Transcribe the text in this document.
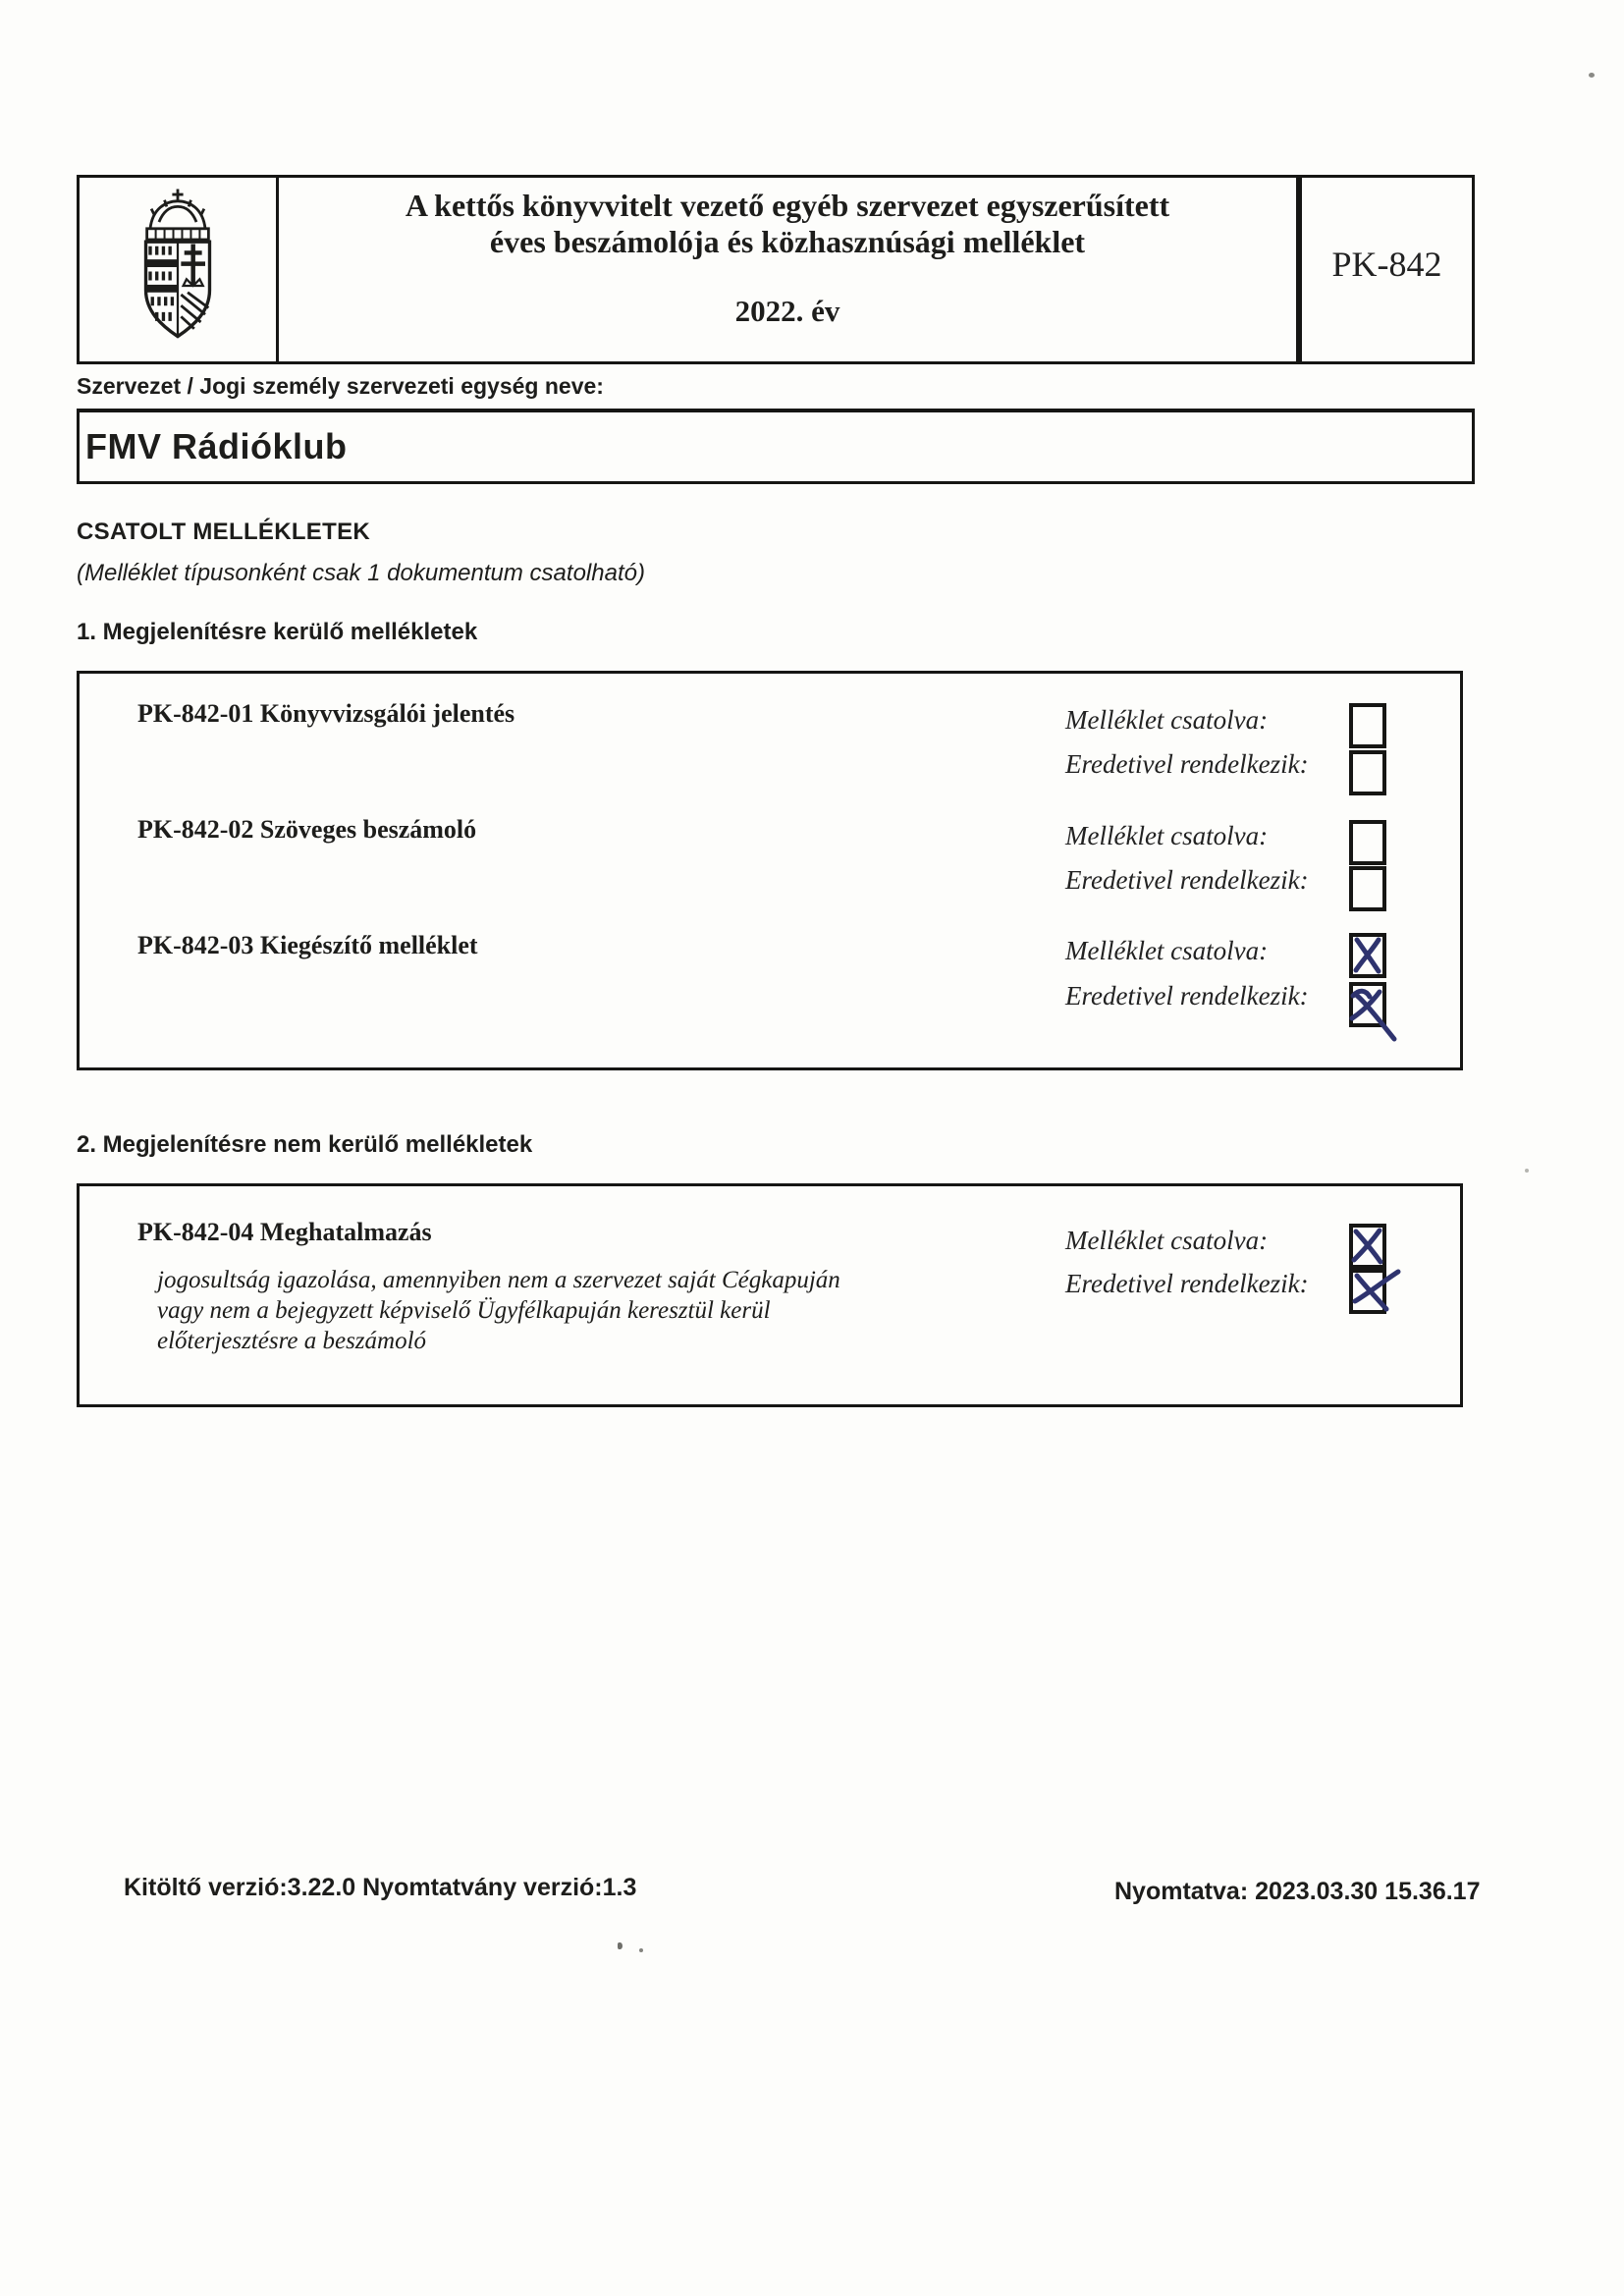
A kettős könyvvitelt vezető egyéb szervezet egyszerűsített
éves beszámolója és közhasznúsági melléklet
2022. év
PK-842
Szervezet / Jogi személy szervezeti egység neve:
FMV Rádióklub
CSATOLT MELLÉKLETEK
(Melléklet típusonként csak 1 dokumentum csatolható)
1. Megjelenítésre kerülő mellékletek
PK-842-01 Könyvvizsgálói jelentés	Melléklet csatolva:
Eredetivel rendelkezik:
PK-842-02 Szöveges beszámoló	Melléklet csatolva:
Eredetivel rendelkezik:
PK-842-03 Kiegészítő melléklet	Melléklet csatolva:
Eredetivel rendelkezik:
2. Megjelenítésre nem kerülő mellékletek
PK-842-04 Meghatalmazás
jogosultság igazolása, amennyiben nem a szervezet saját Cégkapuján
vagy nem a bejegyzett képviselő Ügyfélkapuján keresztül kerül
előterjesztésre a beszámoló
Melléklet csatolva:
Eredetivel rendelkezik:
Kitöltő verzió:3.22.0 Nyomtatvány verzió:1.3	Nyomtatva: 2023.03.30 15.36.17
